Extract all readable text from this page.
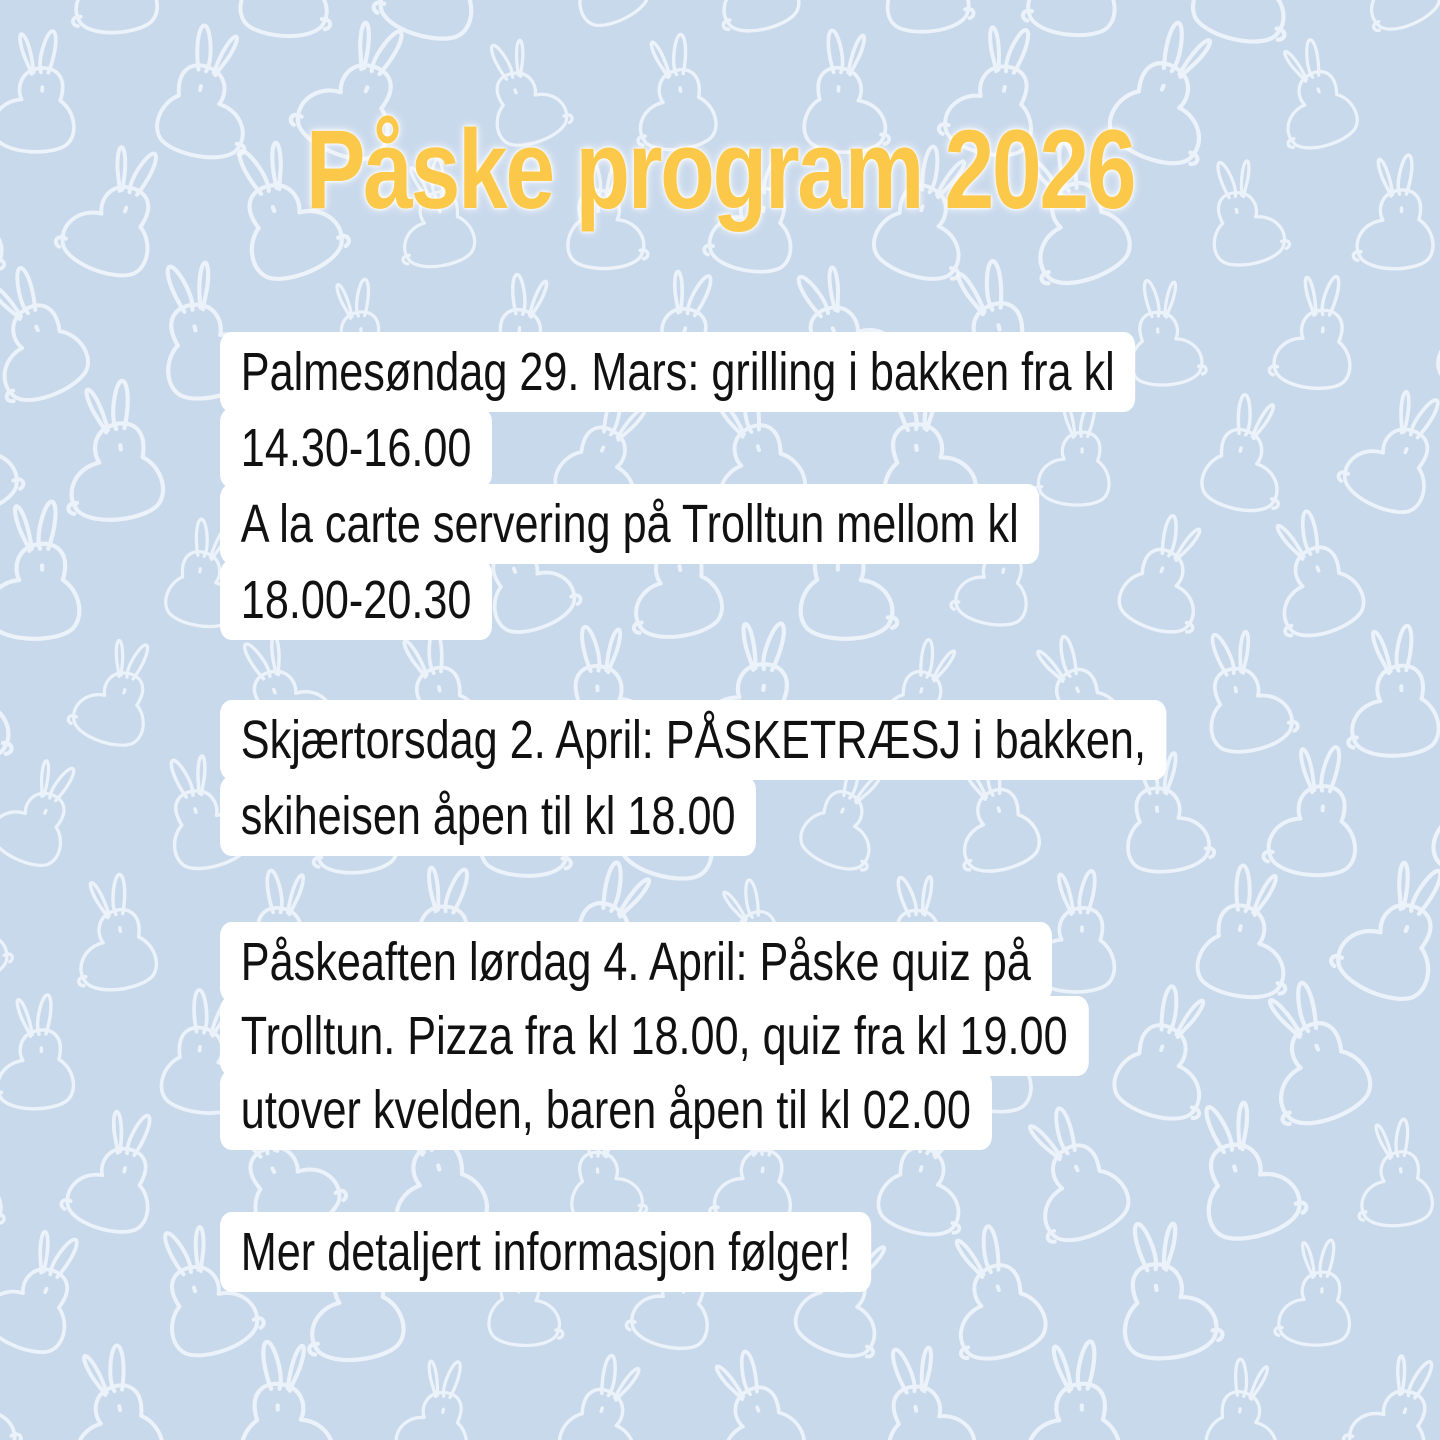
Påske program 2026
Palmesøndag 29. Mars: grilling i bakken fra kl
14.30-16.00
A la carte servering på Trolltun mellom kl
18.00-20.30
Skjærtorsdag 2. April: PÅSKETRÆSJ i bakken,
skiheisen åpen til kl 18.00
Påskeaften lørdag 4. April: Påske quiz på
Trolltun. Pizza fra kl 18.00, quiz fra kl 19.00
utover kvelden, baren åpen til kl 02.00
Mer detaljert informasjon følger!
